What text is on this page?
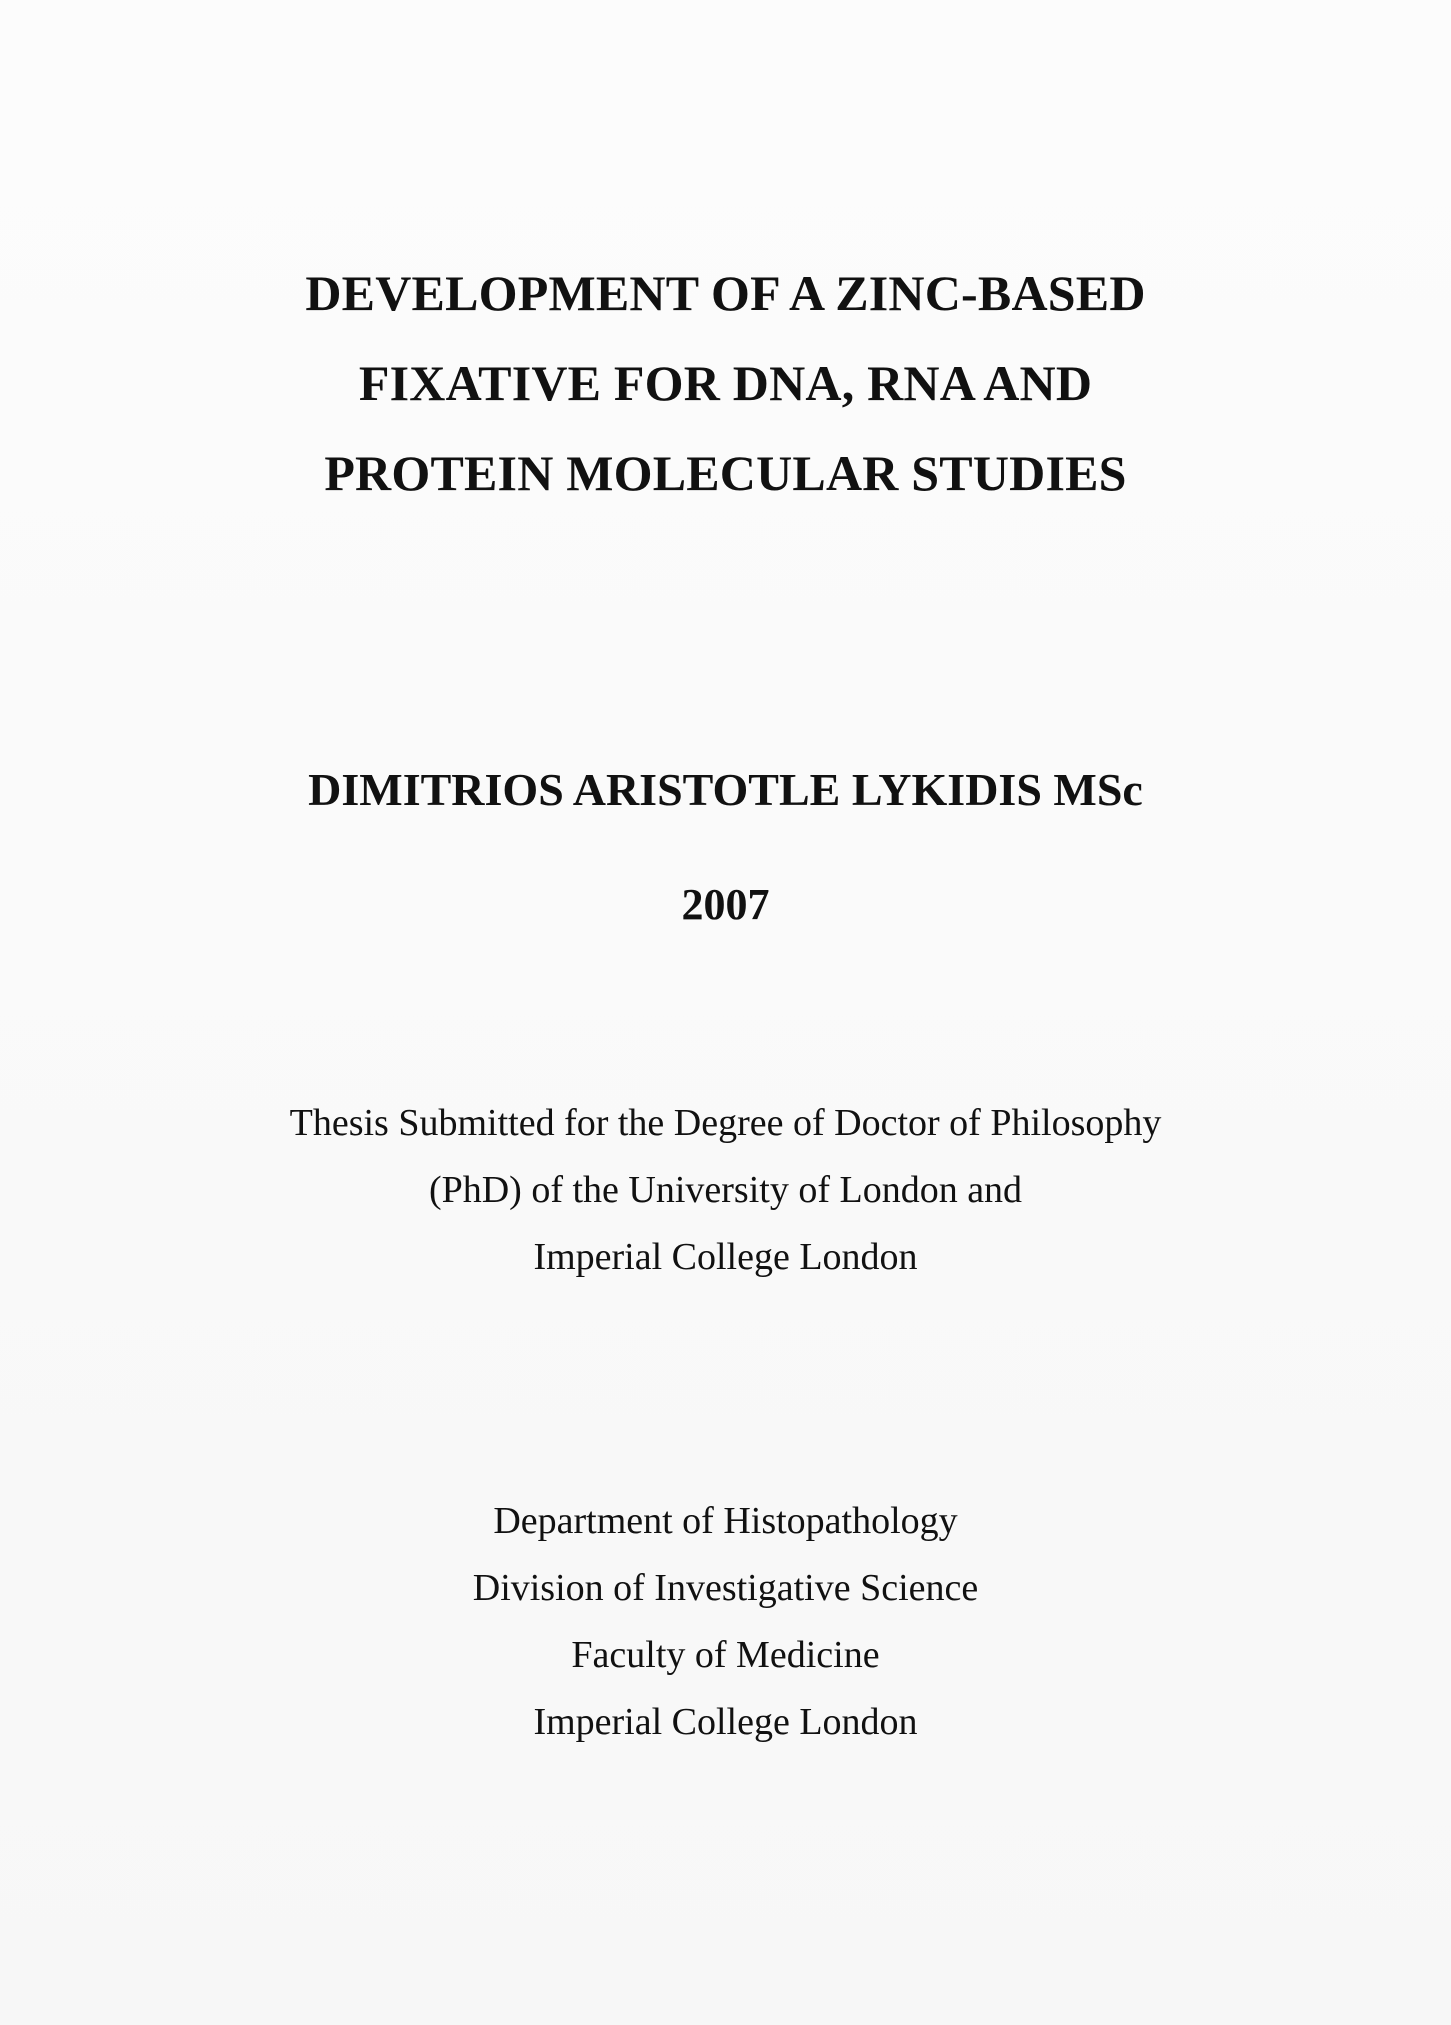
DEVELOPMENT OF A ZINC-BASED
FIXATIVE FOR DNA, RNA AND
PROTEIN MOLECULAR STUDIES
DIMITRIOS ARISTOTLE LYKIDIS MSc
2007
Thesis Submitted for the Degree of Doctor of Philosophy
(PhD) of the University of London and
Imperial College London
Department of Histopathology
Division of Investigative Science
Faculty of Medicine
Imperial College London
